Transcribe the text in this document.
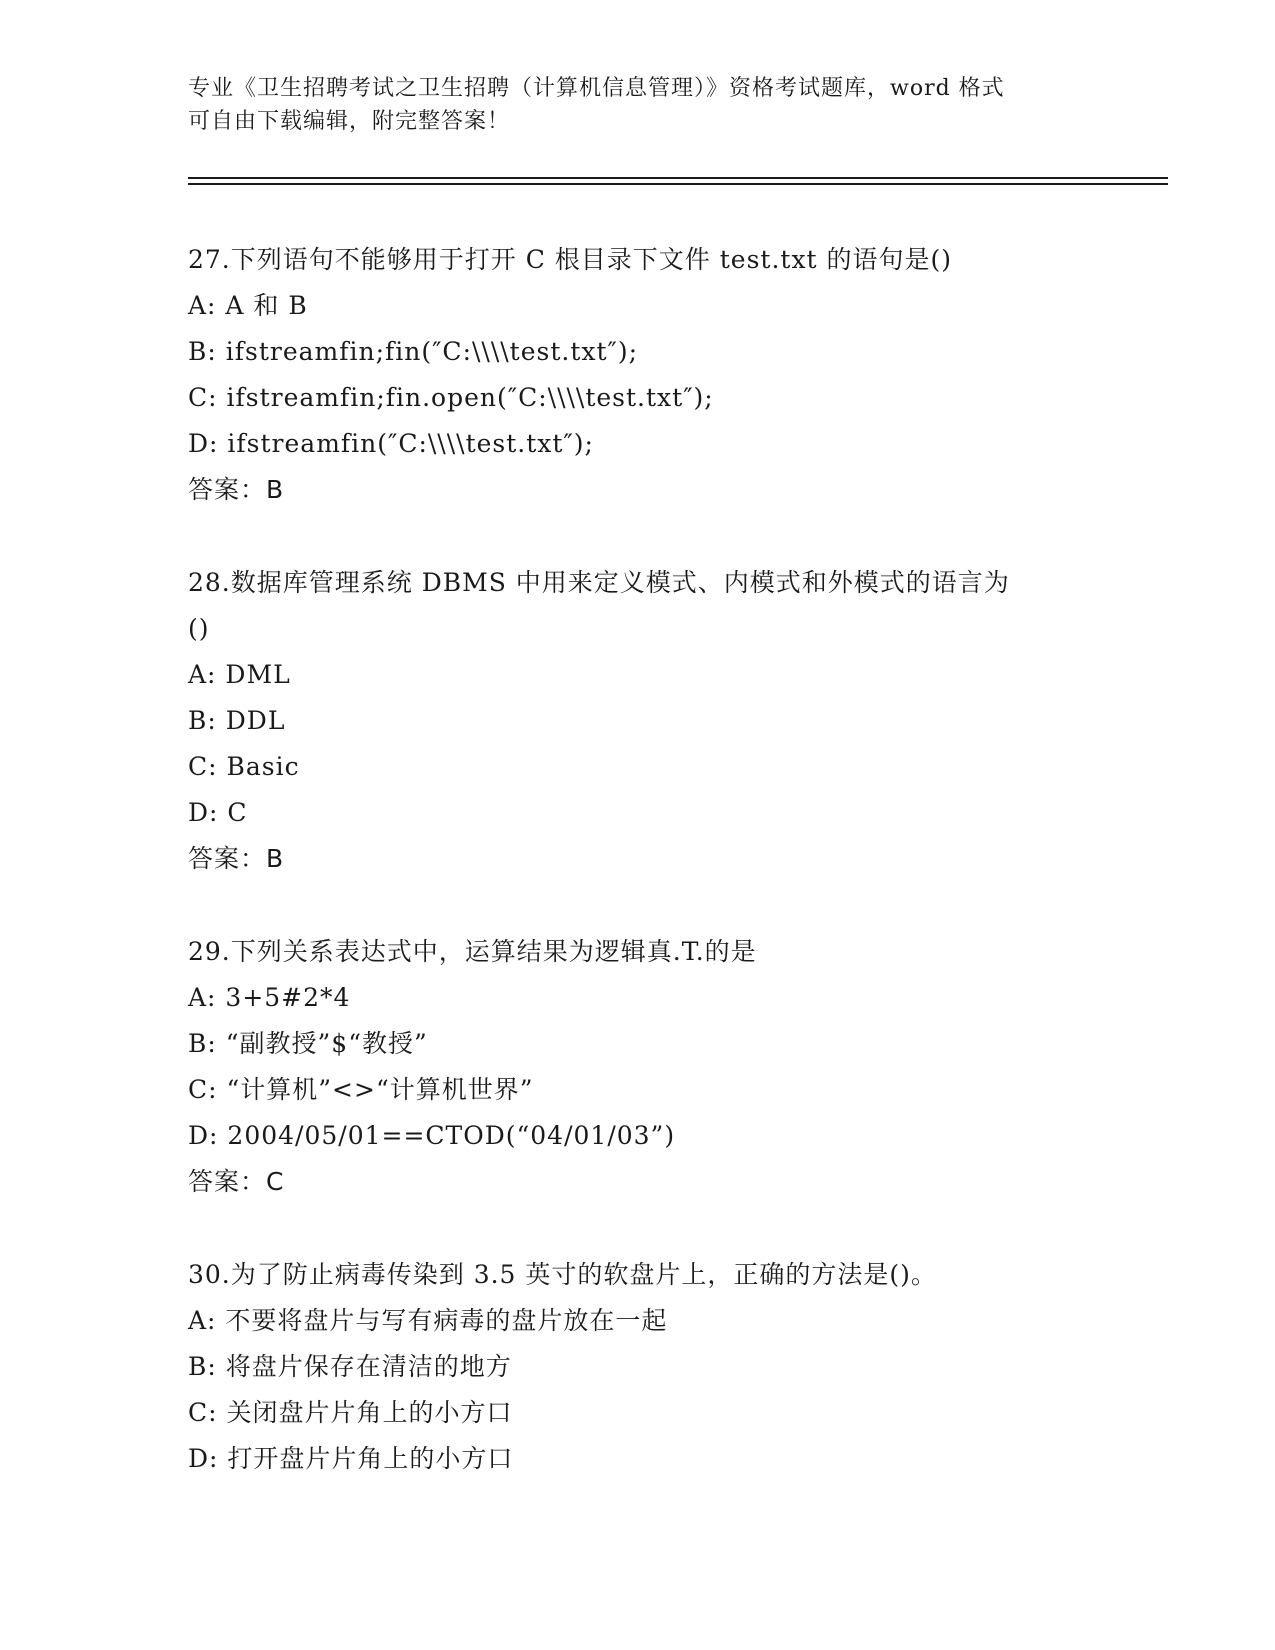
专业《卫生招聘考试之卫生招聘（计算机信息管理）》资格考试题库，word 格式
可自由下载编辑，附完整答案！
27.下列语句不能够用于打开 C 根目录下文件 test.txt 的语句是()
A: A 和 B
B: ifstreamfin;fin(″C:\\\\test.txt″);
C: ifstreamfin;fin.open(″C:\\\\test.txt″);
D: ifstreamfin(″C:\\\\test.txt″);
答案：B
28.数据库管理系统 DBMS 中用来定义模式、内模式和外模式的语言为
()
A: DML
B: DDL
C: Basic
D: C
答案：B
29.下列关系表达式中，运算结果为逻辑真.T.的是
A: 3+5#2*4
B: “副教授”$“教授”
C: “计算机”<>“计算机世界”
D: 2004/05/01==CTOD(“04/01/03”)
答案：C
30.为了防止病毒传染到 3.5 英寸的软盘片上，正确的方法是()。
A: 不要将盘片与写有病毒的盘片放在一起
B: 将盘片保存在清洁的地方
C: 关闭盘片片角上的小方口
D: 打开盘片片角上的小方口
